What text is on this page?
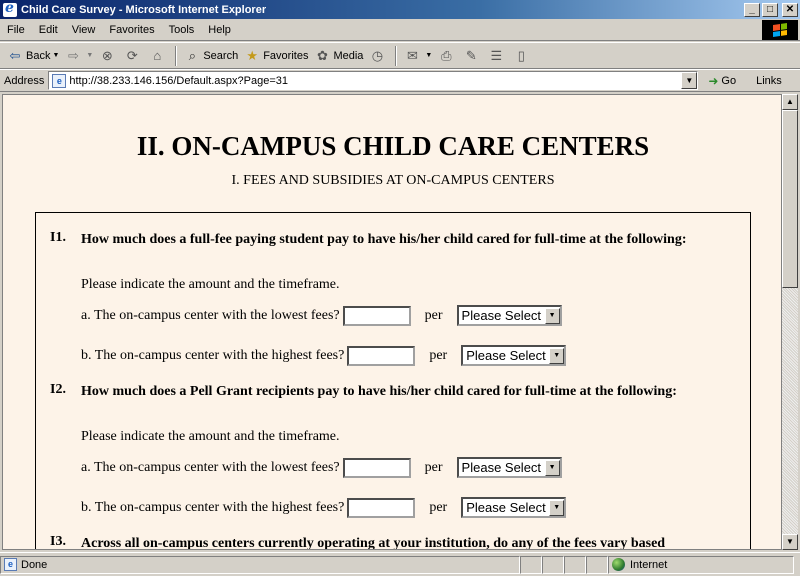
e
Child Care Survey - Microsoft Internet Explorer	_	□	✕
File	Edit	View	Favorites	Tools	Help
⇦ Back ▼ ⇨	▼ ⊗ ⟳	⌂	⌕ Search ★ Favorites ✿ Media ◷ ✉	▼ ⎙ ✎ ☰	▯
Address	e http://38.233.146.156/Default.aspx?Page=31	▼	➜ Go Links
II. ON-CAMPUS CHILD CARE CENTERS
I. FEES AND SUBSIDIES AT ON-CAMPUS CENTERS
I1. How much does a full-fee paying student pay to have his/her child cared for full-time at the following:
Please indicate the amount and the timeframe.
a. The on-campus center with the lowest fees?	per Please Select	▼
b. The on-campus center with the highest fees?	per Please Select	▼
I2. How much does a Pell Grant recipients pay to have his/her child cared for full-time at the following:
Please indicate the amount and the timeframe.
a. The on-campus center with the lowest fees?	per Please Select	▼
b. The on-campus center with the highest fees?	per Please Select	▼
I3. Across all on-campus centers currently operating at your institution, do any of the fees vary based
▲
▼
e Done	Internet
